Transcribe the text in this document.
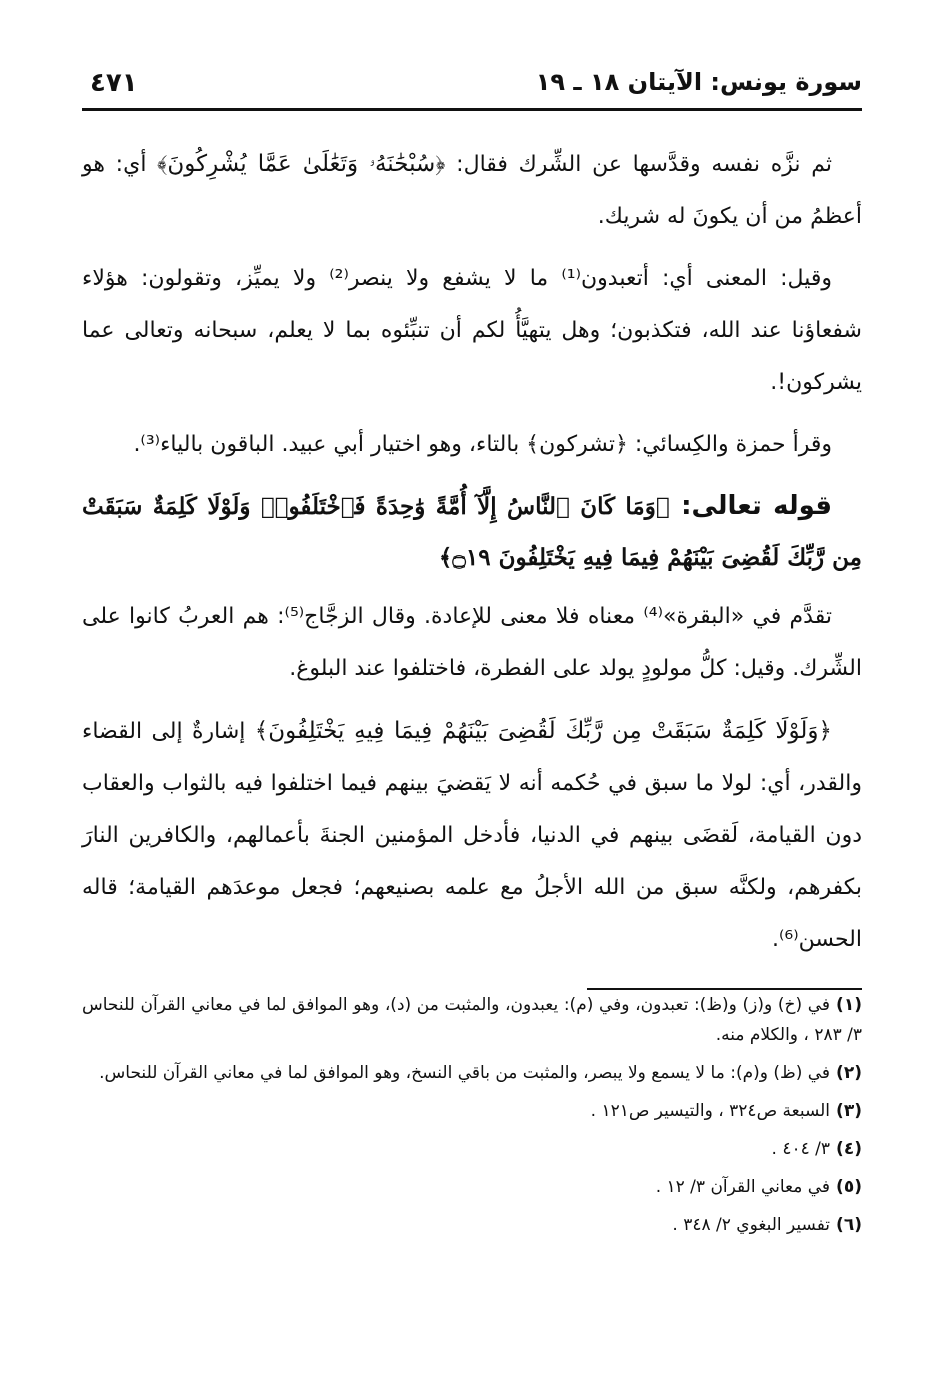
سورة يونس: الآيتان ١٨ ـ ١٩
٤٧١

ثم نزَّه نفسه وقدَّسها عن الشِّرك فقال: ﴿سُبْحَٰنَهُۥ وَتَعَٰلَىٰ عَمَّا يُشْرِكُونَ﴾ أي: هو أعظمُ من أن يكونَ له شريك.

وقيل: المعنى أي: أتعبدون⁽¹⁾ ما لا يشفع ولا ينصر⁽²⁾ ولا يميِّز، وتقولون: هؤلاء شفعاؤنا عند الله، فتكذبون؛ وهل يتهيَّأُ لكم أن تنبِّئوه بما لا يعلم، سبحانه وتعالى عما يشركون!.

وقرأ حمزة والكِسائي: ﴿تشركون﴾ بالتاء، وهو اختيار أبي عبيد. الباقون بالياء⁽³⁾.

قوله تعالى: ﴿وَمَا كَانَ ٱلنَّاسُ إِلَّآ أُمَّةً وَٰحِدَةً فَٱخْتَلَفُوا۟ وَلَوْلَا كَلِمَةٌ سَبَقَتْ مِن رَّبِّكَ لَقُضِىَ بَيْنَهُمْ فِيمَا فِيهِ يَخْتَلِفُونَ ۝١٩﴾

تقدَّم في «البقرة»⁽⁴⁾ معناه فلا معنى للإعادة. وقال الزجَّاج⁽⁵⁾: هم العربُ كانوا على الشِّرك. وقيل: كلُّ مولودٍ يولد على الفطرة، فاختلفوا عند البلوغ.

﴿وَلَوْلَا كَلِمَةٌ سَبَقَتْ مِن رَّبِّكَ لَقُضِىَ بَيْنَهُمْ فِيمَا فِيهِ يَخْتَلِفُونَ﴾ إشارةٌ إلى القضاء والقدر، أي: لولا ما سبق في حُكمه أنه لا يَقضيَ بينهم فيما اختلفوا فيه بالثواب والعقاب دون القيامة، لَقضَى بينهم في الدنيا، فأدخل المؤمنين الجنةَ بأعمالهم، والكافرين النارَ بكفرهم، ولكنَّه سبق من الله الأجلُ مع علمه بصنيعهم؛ فجعل موعدَهم القيامة؛ قاله الحسن⁽⁶⁾.

(١)في (خ) و(ز) و(ظ): تعبدون، وفي (م): يعبدون، والمثبت من (د)، وهو الموافق لما في معاني القرآن للنحاس ٣/ ٢٨٣ ، والكلام منه.
(٢)في (ظ) و(م): ما لا يسمع ولا يبصر، والمثبت من باقي النسخ، وهو الموافق لما في معاني القرآن للنحاس.
(٣)السبعة ص٣٢٤ ، والتيسير ص١٢١ .
(٤)٣/ ٤٠٤ .
(٥)في معاني القرآن ٣/ ١٢ .
(٦)تفسير البغوي ٢/ ٣٤٨ .
